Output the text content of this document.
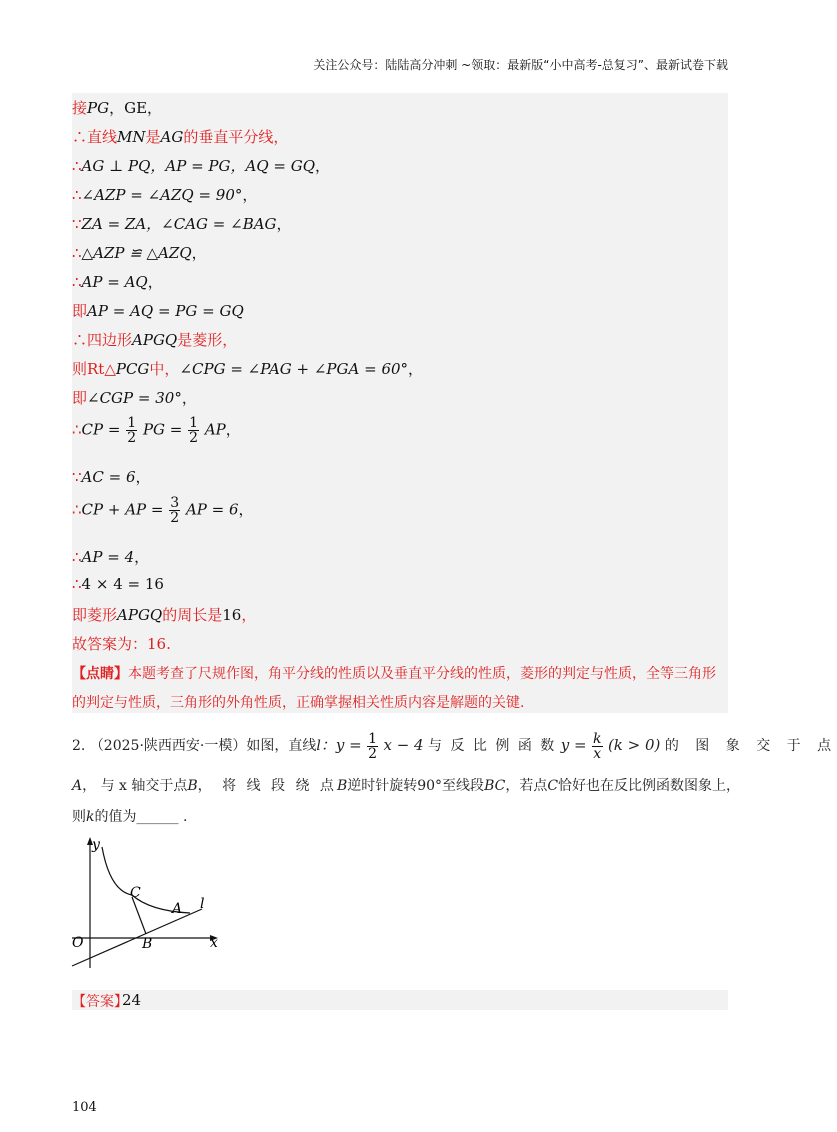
关注公众号：陆陆高分冲刺 ~领取：最新版“小中高考-总复习”、最新试卷下载
接PG，GE，
∴直线MN是AG的垂直平分线，
∴AG ⊥ PQ，AP = PG，AQ = GQ，
∴∠AZP = ∠AZQ = 90°，
∵ZA = ZA，∠CAG = ∠BAG，
∴△AZP ≌ △AZQ，
∴AP = AQ，
即AP = AQ = PG = GQ
∴四边形APGQ是菱形，
则Rt△PCG中，∠CPG = ∠PAG + ∠PGA = 60°，
即∠CGP = 30°，
∴CP = $\frac{1}{2}$ PG = $\frac{1}{2}$ AP，
∵AC = 6，
∴CP + AP = $\frac{3}{2}$ AP = 6，
∴AP = 4，
∴4 × 4 = 16
即菱形APGQ的周长是16，
故答案为：16.
【点睛】本题考查了尺规作图，角平分线的性质以及垂直平分线的性质，菱形的判定与性质，全等三角形
的判定与性质，三角形的外角性质，正确掌握相关性质内容是解题的关键.
2. （2025·陕西西安·一模）如图，直线l：$y = \frac{1}{2}$ x − 4 与 反 比 例 函 数 $y = \frac{k}{x} (k > 0)$ 的 图 象 交 于 点
A， 与 x 轴交于点B， 将 线 段 绕 点B逆时针旋转90°至线段BC，若点C恰好也在反比例函数图象上，
则k的值为______ .
y
x
O	B
C
A l
【答案】
24
104
